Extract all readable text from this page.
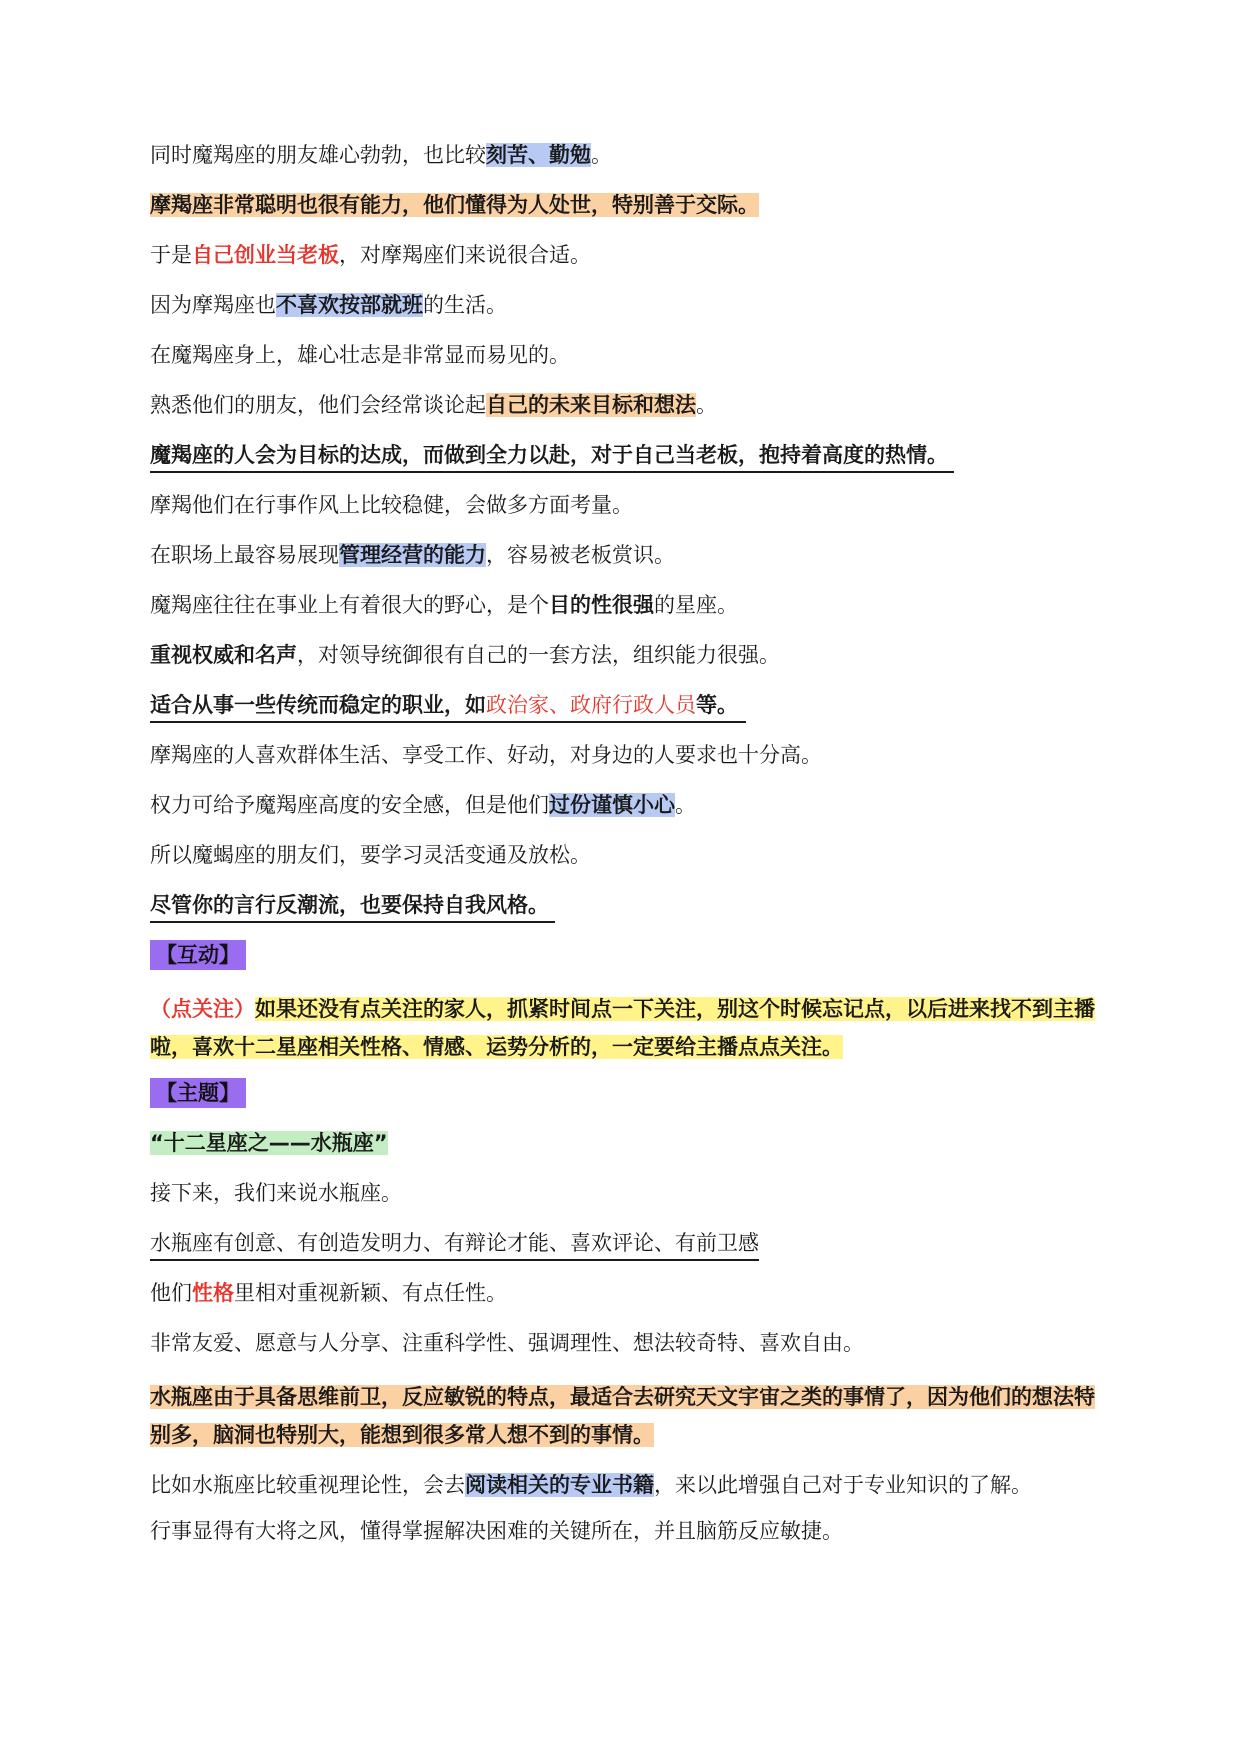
同时魔羯座的朋友雄心勃勃，也比较刻苦、勤勉。
摩羯座非常聪明也很有能力，他们懂得为人处世，特别善于交际。
于是自己创业当老板，对摩羯座们来说很合适。
因为摩羯座也不喜欢按部就班的生活。
在魔羯座身上，雄心壮志是非常显而易见的。
熟悉他们的朋友，他们会经常谈论起自己的未来目标和想法。
魔羯座的人会为目标的达成，而做到全力以赴，对于自己当老板，抱持着高度的热情。
摩羯他们在行事作风上比较稳健，会做多方面考量。
在职场上最容易展现管理经营的能力，容易被老板赏识。
魔羯座往往在事业上有着很大的野心，是个目的性很强的星座。
重视权威和名声，对领导统御很有自己的一套方法，组织能力很强。
适合从事一些传统而稳定的职业，如政治家、政府行政人员等。
摩羯座的人喜欢群体生活、享受工作、好动，对身边的人要求也十分高。
权力可给予魔羯座高度的安全感，但是他们过份谨慎小心。
所以魔蝎座的朋友们，要学习灵活变通及放松。
尽管你的言行反潮流，也要保持自我风格。
【互动】
（点关注）如果还没有点关注的家人，抓紧时间点一下关注，别这个时候忘记点，以后进来找不到主播啦，喜欢十二星座相关性格、情感、运势分析的，一定要给主播点点关注。
【主题】
“十二星座之——水瓶座”
接下来，我们来说水瓶座。
水瓶座有创意、有创造发明力、有辩论才能、喜欢评论、有前卫感
他们性格里相对重视新颖、有点任性。
非常友爱、愿意与人分享、注重科学性、强调理性、想法较奇特、喜欢自由。
水瓶座由于具备思维前卫，反应敏锐的特点，最适合去研究天文宇宙之类的事情了，因为他们的想法特别多，脑洞也特别大，能想到很多常人想不到的事情。
比如水瓶座比较重视理论性，会去阅读相关的专业书籍，来以此增强自己对于专业知识的了解。
行事显得有大将之风，懂得掌握解决困难的关键所在，并且脑筋反应敏捷。
